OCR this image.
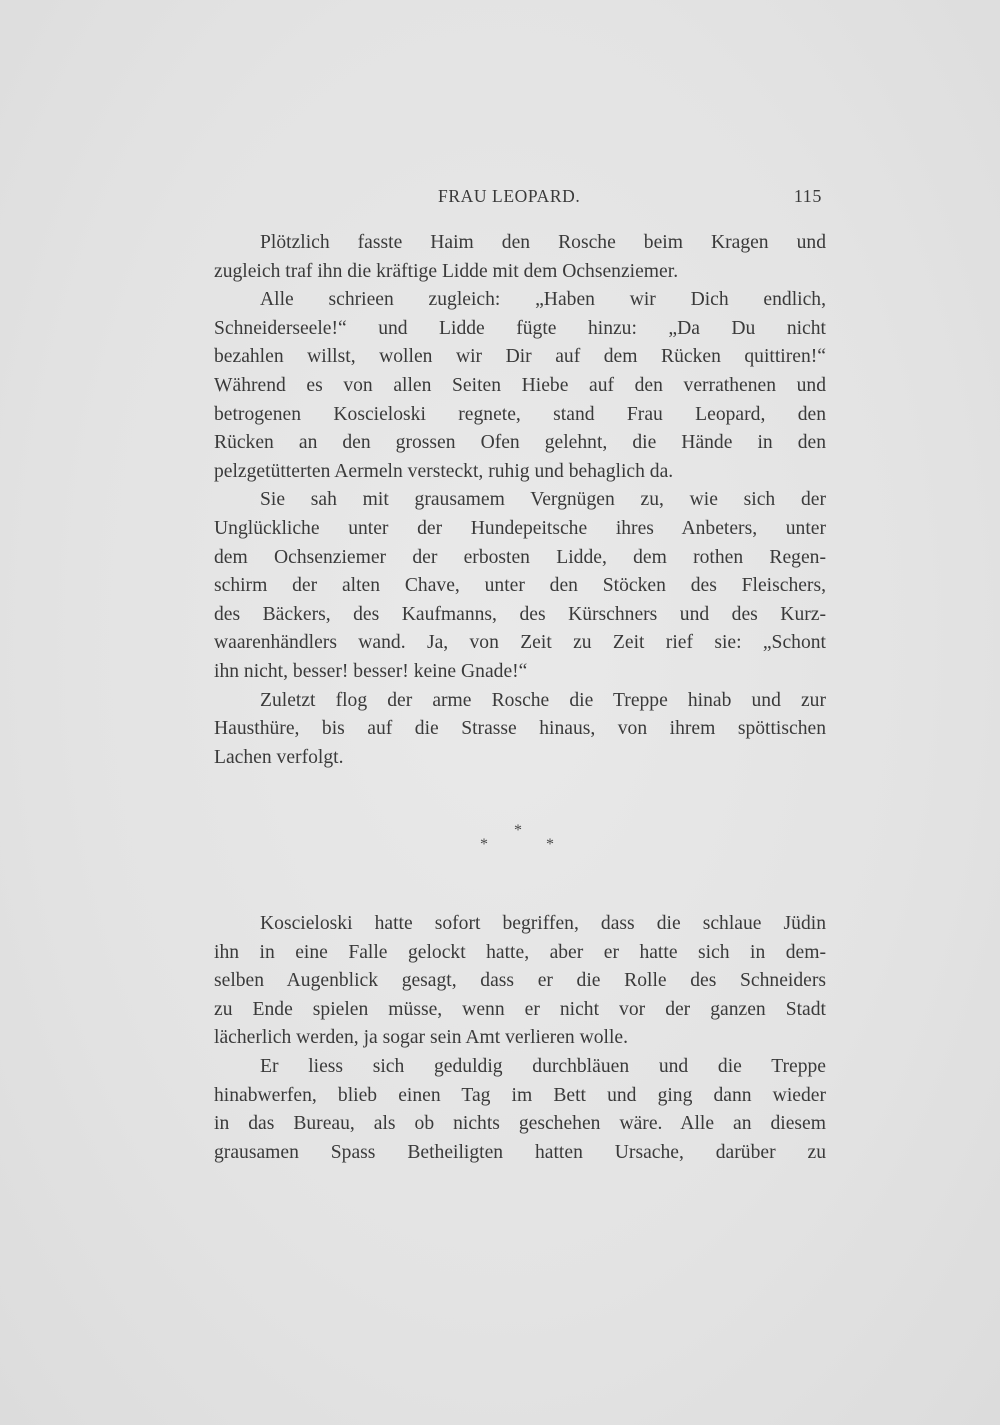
FRAU LEOPARD.	115

Plötzlich fasste Haim den Rosche beim Kragen und
zugleich traf ihn die kräftige Lidde mit dem Ochsenziemer.

Alle schrieen zugleich: „Haben wir Dich endlich,
Schneiderseele!“ und Lidde fügte hinzu: „Da Du nicht
bezahlen willst, wollen wir Dir auf dem Rücken quittiren!“
Während es von allen Seiten Hiebe auf den verrathenen und
betrogenen Koscieloski regnete, stand Frau Leopard, den
Rücken an den grossen Ofen gelehnt, die Hände in den
pelzgetütterten Aermeln versteckt, ruhig und behaglich da.

Sie sah mit grausamem Vergnügen zu, wie sich der
Unglückliche unter der Hundepeitsche ihres Anbeters, unter
dem Ochsenziemer der erbosten Lidde, dem rothen Regen-
schirm der alten Chave, unter den Stöcken des Fleischers,
des Bäckers, des Kaufmanns, des Kürschners und des Kurz-
waarenhändlers wand. Ja, von Zeit zu Zeit rief sie: „Schont
ihn nicht, besser! besser! keine Gnade!“

Zuletzt flog der arme Rosche die Treppe hinab und zur
Hausthüre, bis auf die Strasse hinaus, von ihrem spöttischen
Lachen verfolgt.

*
*	*

Koscieloski hatte sofort begriffen, dass die schlaue Jüdin
ihn in eine Falle gelockt hatte, aber er hatte sich in dem-
selben Augenblick gesagt, dass er die Rolle des Schneiders
zu Ende spielen müsse, wenn er nicht vor der ganzen Stadt
lächerlich werden, ja sogar sein Amt verlieren wolle.

Er liess sich geduldig durchbläuen und die Treppe
hinabwerfen, blieb einen Tag im Bett und ging dann wieder
in das Bureau, als ob nichts geschehen wäre. Alle an diesem
grausamen Spass Betheiligten hatten Ursache, darüber zu
